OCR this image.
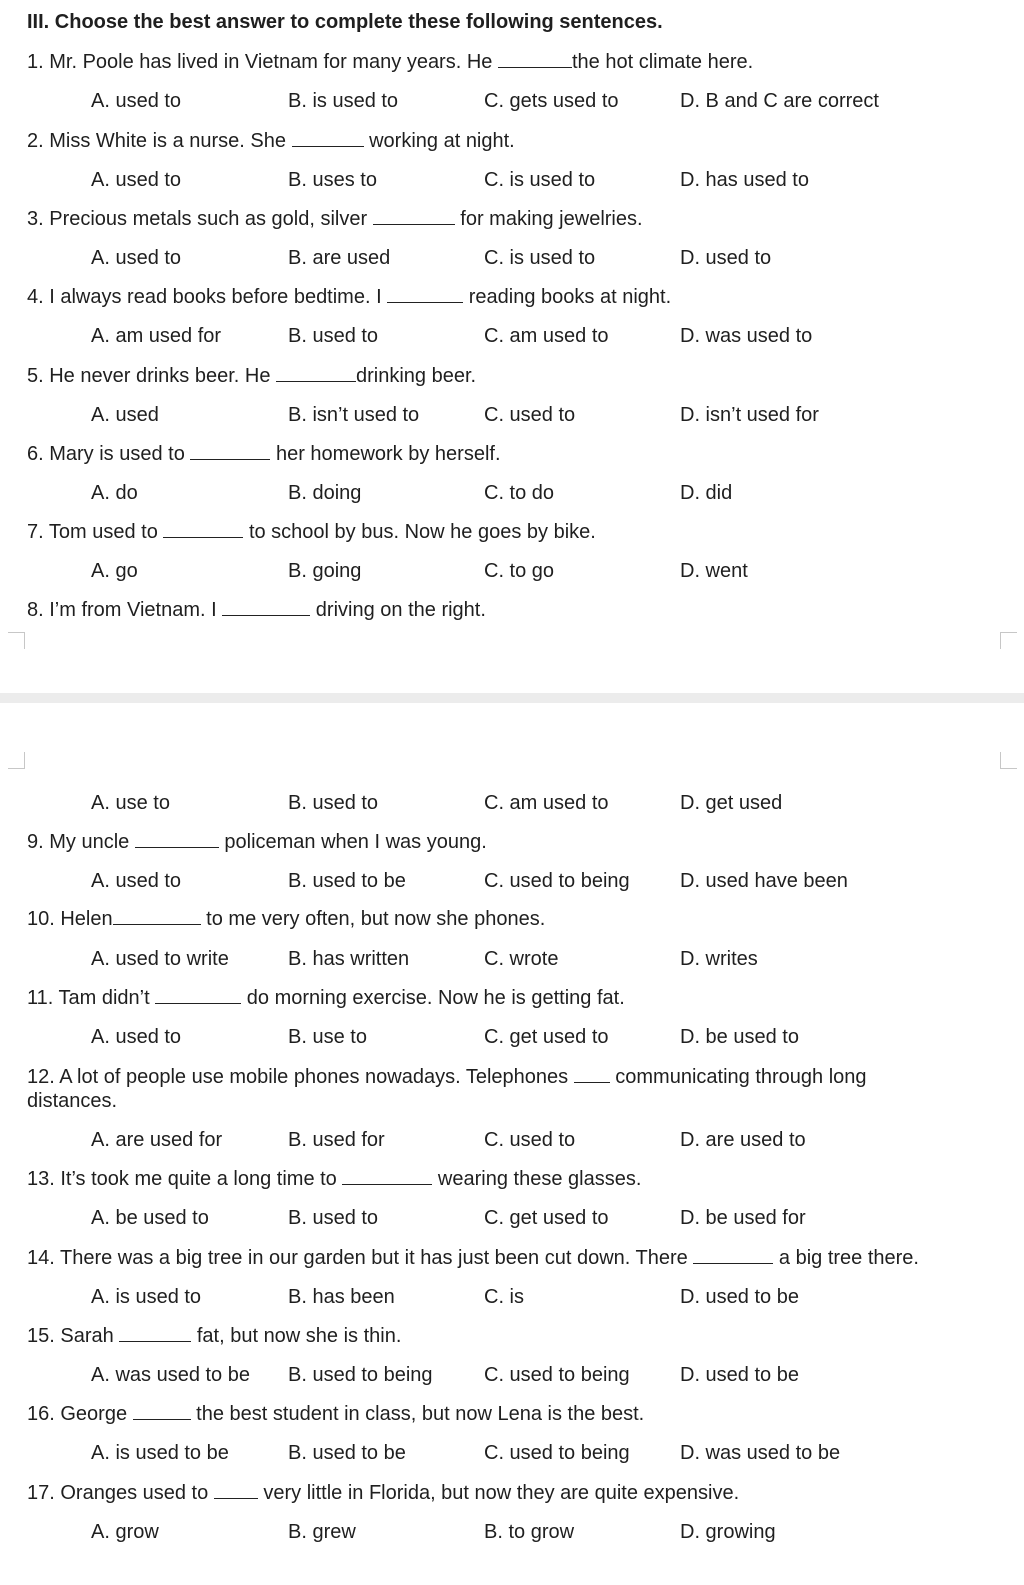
III. Choose the best answer to complete these following sentences.
1. Mr. Poole has lived in Vietnam for many years. He	the hot climate here.
A. used to	B. is used to	C. gets used to	D. B and C are correct
2. Miss White is a nurse. She	working at night.
A. used to	B. uses to	C. is used to	D. has used to
3. Precious metals such as gold, silver	for making jewelries.
A. used to	B. are used	C. is used to	D. used to
4. I always read books before bedtime. I	reading books at night.
A. am used for	B. used to	C. am used to	D. was used to
5. He never drinks beer. He	drinking beer.
A. used	B. isn’t used to	C. used to	D. isn’t used for
6. Mary is used to	her homework by herself.
A. do	B. doing	C. to do	D. did
7. Tom used to	to school by bus. Now he goes by bike.
A. go	B. going	C. to go	D. went
8. I’m from Vietnam. I	driving on the right.
A. use to	B. used to	C. am used to	D. get used
9. My uncle	policeman when I was young.
A. used to	B. used to be	C. used to being	D. used have been
10. Helen	to me very often, but now she phones.
A. used to write	B. has written	C. wrote	D. writes
11. Tam didn’t	do morning exercise. Now he is getting fat.
A. used to	B. use to	C. get used to	D. be used to
12. A lot of people use mobile phones nowadays. Telephones  communicating through long
distances.
A. are used for	B. used for	C. used to	D. are used to
13. It’s took me quite a long time to	wearing these glasses.
A. be used to	B. used to	C. get used to	D. be used for
14. There was a big tree in our garden but it has just been cut down. There	a big tree there.
A. is used to	B. has been	C. is	D. used to be
15. Sarah	fat, but now she is thin.
A. was used to be B. used to being	C. used to being	D. used to be
16. George	the best student in class, but now Lena is the best.
A. is used to be	B. used to be	C. used to being	D. was used to be
17. Oranges used to  very little in Florida, but now they are quite expensive.
A. grow	B. grew	B. to grow	D. growing
